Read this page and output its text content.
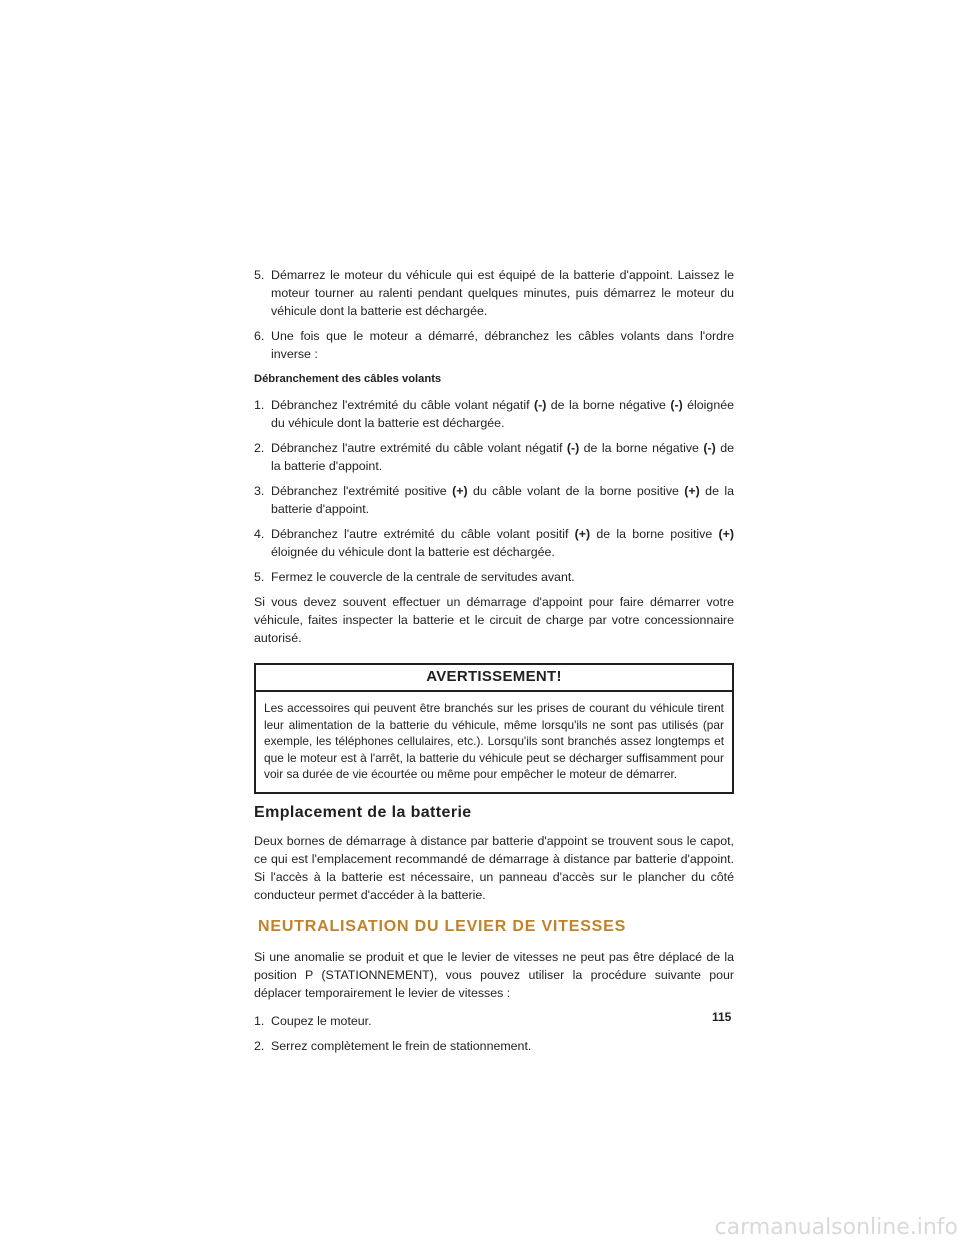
5. Démarrez le moteur du véhicule qui est équipé de la batterie d'appoint. Laissez le moteur tourner au ralenti pendant quelques minutes, puis démarrez le moteur du véhicule dont la batterie est déchargée.
6. Une fois que le moteur a démarré, débranchez les câbles volants dans l'ordre inverse :

Débranchement des câbles volants

1. Débranchez l'extrémité du câble volant négatif (-) de la borne négative (-) éloignée du véhicule dont la batterie est déchargée.
2. Débranchez l'autre extrémité du câble volant négatif (-) de la borne négative (-) de la batterie d'appoint.
3. Débranchez l'extrémité positive (+) du câble volant de la borne positive (+) de la batterie d'appoint.
4. Débranchez l'autre extrémité du câble volant positif (+) de la borne positive (+) éloignée du véhicule dont la batterie est déchargée.
5. Fermez le couvercle de la centrale de servitudes avant.

Si vous devez souvent effectuer un démarrage d'appoint pour faire démarrer votre véhicule, faites inspecter la batterie et le circuit de charge par votre concessionnaire autorisé.

AVERTISSEMENT!
Les accessoires qui peuvent être branchés sur les prises de courant du véhicule tirent leur alimentation de la batterie du véhicule, même lorsqu'ils ne sont pas utilisés (par exemple, les téléphones cellulaires, etc.). Lorsqu'ils sont branchés assez longtemps et que le moteur est à l'arrêt, la batterie du véhicule peut se décharger suffisamment pour voir sa durée de vie écourtée ou même pour empêcher le moteur de démarrer.
Emplacement de la batterie

Deux bornes de démarrage à distance par batterie d'appoint se trouvent sous le capot, ce qui est l'emplacement recommandé de démarrage à distance par batterie d'appoint. Si l'accès à la batterie est nécessaire, un panneau d'accès sur le plancher du côté conducteur permet d'accéder à la batterie.

NEUTRALISATION DU LEVIER DE VITESSES

Si une anomalie se produit et que le levier de vitesses ne peut pas être déplacé de la position P (STATIONNEMENT), vous pouvez utiliser la procédure suivante pour déplacer temporairement le levier de vitesses :

1. Coupez le moteur.
2. Serrez complètement le frein de stationnement.
115
carmanualsonline.info
